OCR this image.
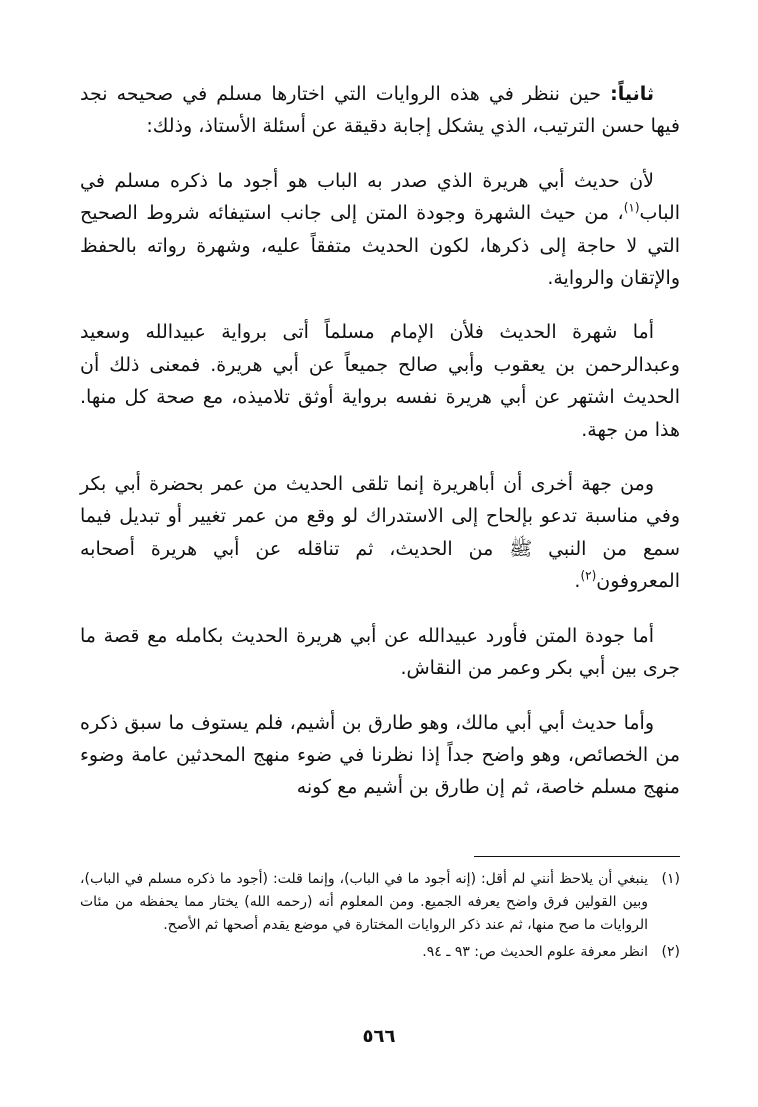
ثانياً: حين ننظر في هذه الروايات التي اختارها مسلم في صحيحه نجد فيها حسن الترتيب، الذي يشكل إجابة دقيقة عن أسئلة الأستاذ، وذلك:

لأن حديث أبي هريرة الذي صدر به الباب هو أجود ما ذكره مسلم في الباب$^{(١)}$، من حيث الشهرة وجودة المتن إلى جانب استيفائه شروط الصحيح التي لا حاجة إلى ذكرها، لكون الحديث متفقاً عليه، وشهرة رواته بالحفظ والإتقان والرواية.

أما شهرة الحديث فلأن الإمام مسلماً أتى برواية عبيدالله وسعيد وعبدالرحمن بن يعقوب وأبي صالح جميعاً عن أبي هريرة. فمعنى ذلك أن الحديث اشتهر عن أبي هريرة نفسه برواية أوثق تلاميذه، مع صحة كل منها. هذا من جهة.

ومن جهة أخرى أن أباهريرة إنما تلقى الحديث من عمر بحضرة أبي بكر وفي مناسبة تدعو بإلحاح إلى الاستدراك لو وقع من عمر تغيير أو تبديل فيما سمع من النبي ﷺ من الحديث، ثم تناقله عن أبي هريرة أصحابه المعروفون$^{(٢)}$.

أما جودة المتن فأورد عبيدالله عن أبي هريرة الحديث بكامله مع قصة ما جرى بين أبي بكر وعمر من النقاش.

وأما حديث أبي أبي مالك، وهو طارق بن أشيم، فلم يستوف ما سبق ذكره من الخصائص، وهو واضح جداً إذا نظرنا في ضوء منهج المحدثين عامة وضوء منهج مسلم خاصة، ثم إن طارق بن أشيم مع كونه

(١)
ينبغي أن يلاحظ أنني لم أقل: (إنه أجود ما في الباب)، وإنما قلت: (أجود ما ذكره مسلم في الباب)، وبين القولين فرق واضح يعرفه الجميع. ومن المعلوم أنه (رحمه الله) يختار مما يحفظه من مئات الروايات ما صح منها، ثم عند ذكر الروايات المختارة في موضع يقدم أصحها ثم الأصح.
(٢)
انظر معرفة علوم الحديث ص: ٩٣ ـ ٩٤.
٥٦٦
